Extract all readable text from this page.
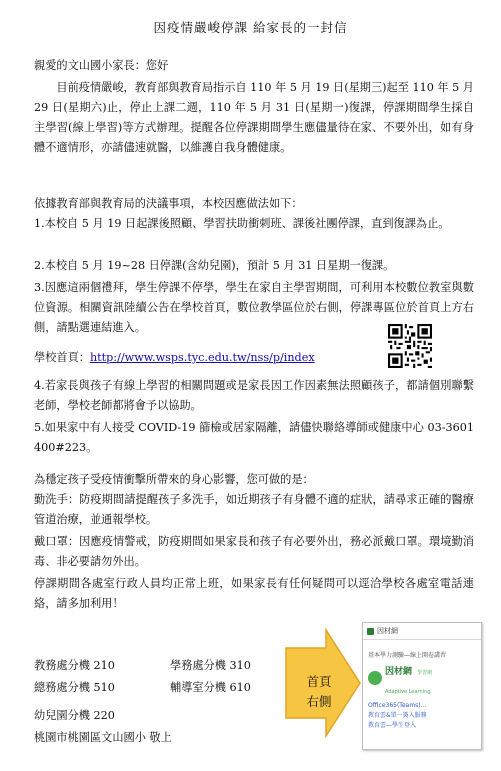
因疫情嚴峻停課 給家長的一封信
親愛的文山國小家長：您好
目前疫情嚴峻，教育部與教育局指示自 110 年 5 月 19 日(星期三)起至 110 年 5 月 29 日(星期六)止，停止上課二週，110 年 5 月 31 日(星期一)復課，停課期間學生採自主學習(線上學習)等方式辦理。提醒各位停課期間學生應儘量待在家、不要外出，如有身體不適情形，亦請儘速就醫，以維護自我身體健康。
依據教育部與教育局的決議事項，本校因應做法如下：
1.本校自 5 月 19 日起課後照顧、學習扶助衝刺班、課後社團停課，直到復課為止。
2.本校自 5 月 19~28 日停課(含幼兒園)，預計 5 月 31 日星期一復課。
3.因應這兩個禮拜，學生停課不停學，學生在家自主學習期間，可利用本校數位教室與數位資源。相關資訊陸續公告在學校首頁，數位教學區位於右側，停課專區位於首頁上方右側，請點選連結進入。
學校首頁：http://www.wsps.tyc.edu.tw/nss/p/index
4.若家長與孩子有線上學習的相關問題或是家長因工作因素無法照顧孩子，都請個別聯繫老師，學校老師都將會予以協助。
5.如果家中有人接受 COVID-19 篩檢或居家隔離，請儘快聯絡導師或健康中心 03-3601400#223。
為穩定孩子受疫情衝擊所帶來的身心影響，您可做的是：
勤洗手：防疫期間請提醒孩子多洗手，如近期孩子有身體不適的症狀，請尋求正確的醫療管道治療，並通報學校。
戴口罩：因應疫情警戒，防疫期間如果家長和孩子有必要外出，務必派戴口罩。環境勤消毒、非必要請勿外出。
停課期間各處室行政人員均正常上班，如果家長有任何疑問可以逕洽學校各處室電話連絡，請多加利用！
教務處分機 210	學務處分機 310
總務處分機 510	輔導室分機 610
幼兒園分機 220
桃園市桃園區文山國小 敬上
首頁
右側
因材網
基本學力測驗—線上開卷講習
因材網 學習網
Adaptive Learning
Office365(Teams)...
教育雲&單一簽入服務
教育雲—學生登入
